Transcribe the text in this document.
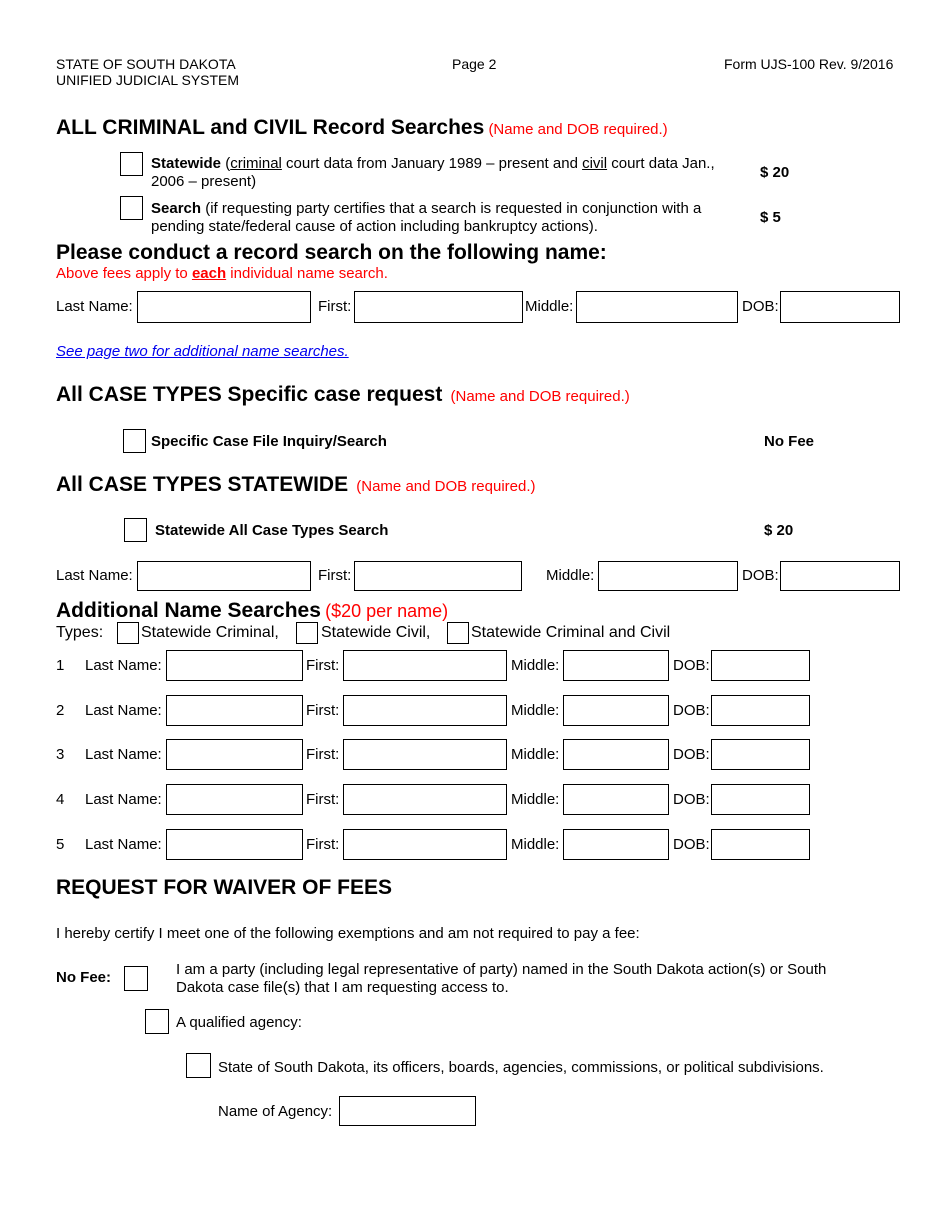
STATE OF SOUTH DAKOTA
UNIFIED JUDICIAL SYSTEM
Page 2	Form UJS-100 Rev. 9/2016
ALL CRIMINAL and CIVIL Record Searches (Name and DOB required.)
Statewide (criminal court data from January 1989 – present and civil court data Jan., 2006 – present)
$ 20
Search (if requesting party certifies that a search is requested in conjunction with a pending state/federal cause of action including bankruptcy actions).
$ 5
Please conduct a record search on the following name:
Above fees apply to each individual name search.
Last Name:	First:	Middle:	DOB:
See page two for additional name searches.
All CASE TYPES Specific case request (Name and DOB required.)
Specific Case File Inquiry/Search	No Fee
All CASE TYPES STATEWIDE (Name and DOB required.)
Statewide All Case Types Search	$ 20
Last Name:	First:	Middle:	DOB:
Additional Name Searches ($20 per name)
Types: Statewide Criminal,	Statewide Civil,	Statewide Criminal and Civil
1 Last Name:	First:	Middle:	DOB:
2 Last Name:	First:	Middle:	DOB:
3 Last Name:	First:	Middle:	DOB:
4 Last Name:	First:	Middle:	DOB:
5 Last Name:	First:	Middle:	DOB:
REQUEST FOR WAIVER OF FEES
I hereby certify I meet one of the following exemptions and am not required to pay a fee:
No Fee:	I am a party (including legal representative of party) named in the South Dakota action(s) or South Dakota case file(s) that I am requesting access to.
A qualified agency:
State of South Dakota, its officers, boards, agencies, commissions, or political subdivisions.
Name of Agency:
